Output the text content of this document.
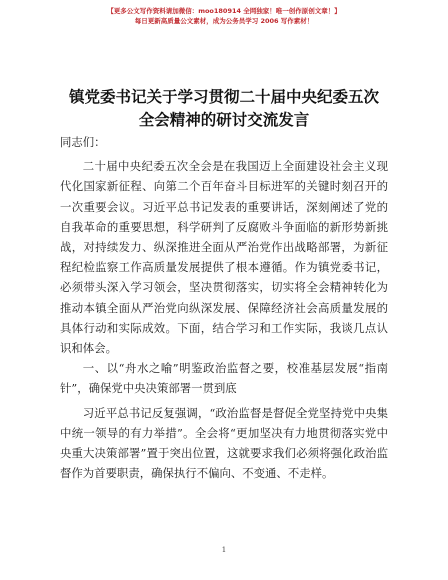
【更多公文写作资料请加微信：moo180914 全网独家！唯一创作原创文章！】
每日更新高质量公文素材，成为公务员学习 2006 写作素材！
镇党委书记关于学习贯彻二十届中央纪委五次
全会精神的研讨交流发言

同志们：

二十届中央纪委五次全会是在我国迈上全面建设社会主义现代化国家新征程、向第二个百年奋斗目标进军的关键时刻召开的一次重要会议。习近平总书记发表的重要讲话，深刻阐述了党的自我革命的重要思想，科学研判了反腐败斗争面临的新形势新挑战，对持续发力、纵深推进全面从严治党作出战略部署，为新征程纪检监察工作高质量发展提供了根本遵循。作为镇党委书记，必须带头深入学习领会，坚决贯彻落实，切实将全会精神转化为推动本镇全面从严治党向纵深发展、保障经济社会高质量发展的具体行动和实际成效。下面，结合学习和工作实际，我谈几点认识和体会。

一、以“舟水之喻”明鉴政治监督之要，校准基层发展“指南针”，确保党中央决策部署一贯到底

习近平总书记反复强调，“政治监督是督促全党坚持党中央集中统一领导的有力举措”。全会将“更加坚决有力地贯彻落实党中央重大决策部署”置于突出位置，这就要求我们必须将强化政治监督作为首要职责，确保执行不偏向、不变通、不走样。

1
